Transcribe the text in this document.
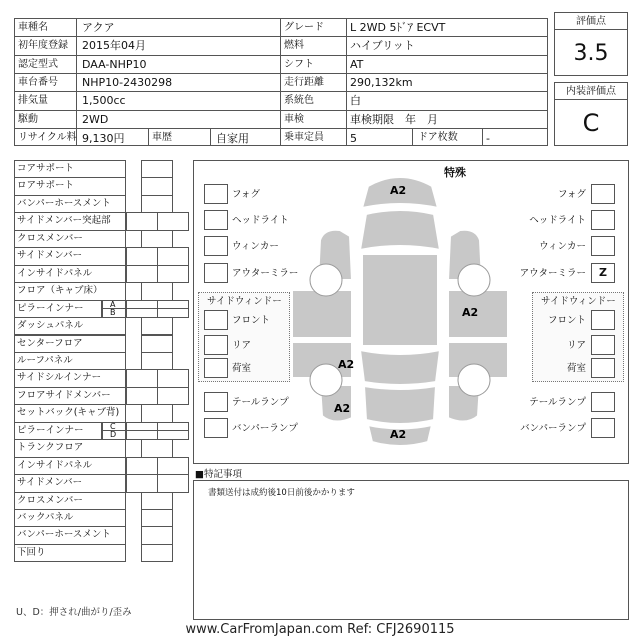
車種名	アクア	グレード L 2WD 5ﾄﾞｱ ECVT
初年度登録 2015年04月	燃料	ハイブリット
認定型式 DAA-NHP10	シフト	AT
車台番号 NHP10-2430298	走行距離 290,132km
排気量	1,500cc	系統色	白
駆動	2WD	車検	車検期限　年　月
リサイクル料 9,130円	車歴	自家用	乗車定員 5	ドア枚数	-
評価点
3.5
内装評価点
C
コアサポート
ロアサポート
バンパーホースメント
サイドメンバー突起部
クロスメンバー
サイドメンバー
インサイドパネル
フロア（キャブ床）
ピラーインナー	A
B
ダッシュパネル
センターフロア
ルーフパネル
サイドシルインナー
フロアサイドメンバー
セットバック(キャブ背)
ピラーインナー	C
D
トランクフロア
インサイドパネル
サイドメンバー
クロスメンバー
バックパネル
バンパーホースメント
下回り
U、D：押され/曲がり/歪み
特殊
A2
A2
A2
A2
A2
フォグ
ヘッドライト
ウィンカー
アウターミラー
フォグ
ヘッドライト
ウィンカー
Z
アウターミラー
テールランプ
バンパーランプ
テールランプ
バンパーランプ
サイドウィンドー	サイドウィンドー
フロント	フロント
リア	リア
荷室	荷室
■特記事項
書類送付は成約後10日前後かかります
www.CarFromJapan.com Ref: CFJ2690115
